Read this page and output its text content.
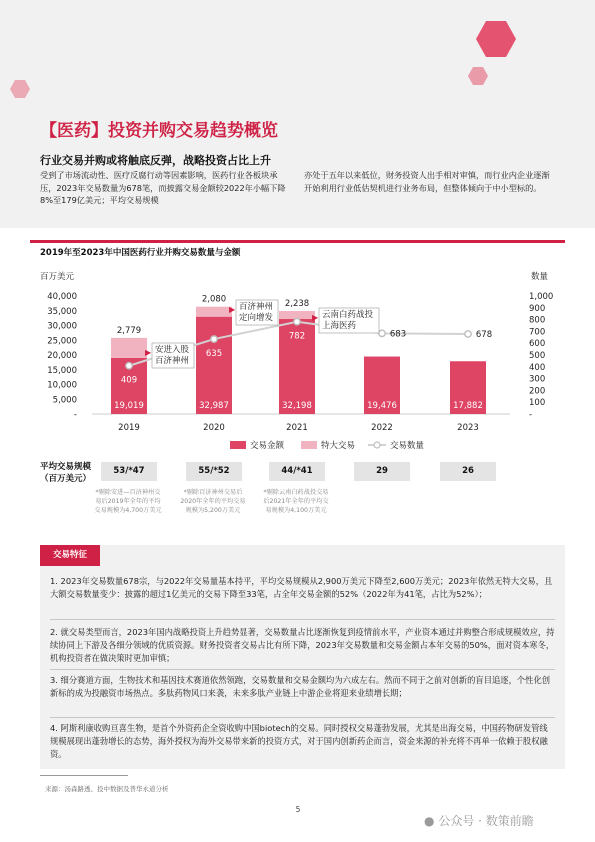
【医药】投资并购交易趋势概览
行业交易并购或将触底反弹，战略投资占比上升
受到了市场流动性、医疗反腐行动等因素影响，医药行业各板块承压，2023年交易数量为678笔，而披露交易金额较2022年小幅下降8%至179亿美元；平均交易规模
亦处于五年以来低位，财务投资人出手相对审慎，而行业内企业逐渐开始利用行业低估契机进行业务布局，但整体倾向于中小型标的。
2019年至2023年中国医药行业并购交易数量与金额
百万美元	数量
40,000
35,000
30,000
25,000
20,000
15,000
10,000
5,000
-
1,000
900
800
700
600
500
400
300
200
100
-
19,019	32,987	32,198	19,476	17,882
2,779
2,080	2,238
409
635
782	683	678
安进入股
百济神州
▶
百济神州
定向增发
▶
云南白药战投
上海医药
▶
2019	2020	2021	2022	2023
交易金额	特大交易	交易数量
平均交易规模
（百万美元）
53/*47	55/*52	44/*41	29	26
*剔除安进—百济神州交易后2019年全年的平均交易规模为4,700万美元
*剔除百济神州交易后2020年全年的平均交易规模为5,200万美元
*剔除云南白药战投交易后2021年全年的平均交易规模为4,100万美元
交易特征
1. 2023年交易数量678宗，与2022年交易量基本持平，平均交易规模从2,900万美元下降至2,600万美元；2023年依然无特大交易，且大额交易数量变少：披露的超过1亿美元的交易下降至33笔，占全年交易金额的52%（2022年为41笔，占比为52%）；
2. 就交易类型而言，2023年国内战略投资上升趋势显著，交易数量占比逐渐恢复到疫情前水平，产业资本通过并购整合形成规模效应，持续协同上下游及各细分领域的优质资源。财务投资者交易占比有所下降，2023年交易数量和交易金额占本年交易的50%，面对资本寒冬，机构投资者在做决策时更加审慎；
3. 细分赛道方面，生物技术和基因技术赛道依然领跑，交易数量和交易金额均为六成左右。然而不同于之前对创新的盲目追逐，个性化创新标的成为投融资市场热点。多肽药物风口来袭，未来多肽产业链上中游企业将迎来业绩增长期；
4. 阿斯利康收购亘喜生物，是首个外资药企全资收购中国biotech的交易。同时授权交易蓬勃发展，尤其是出海交易，中国药物研发管线规模展现出蓬勃增长的态势，海外授权为海外交易带来新的投资方式，对于国内创新药企而言，资金来源的补充将不再单一依赖于股权融资。
来源：汤森路透、投中数据及普华永道分析
5
● 公众号 · 数策前瞻
